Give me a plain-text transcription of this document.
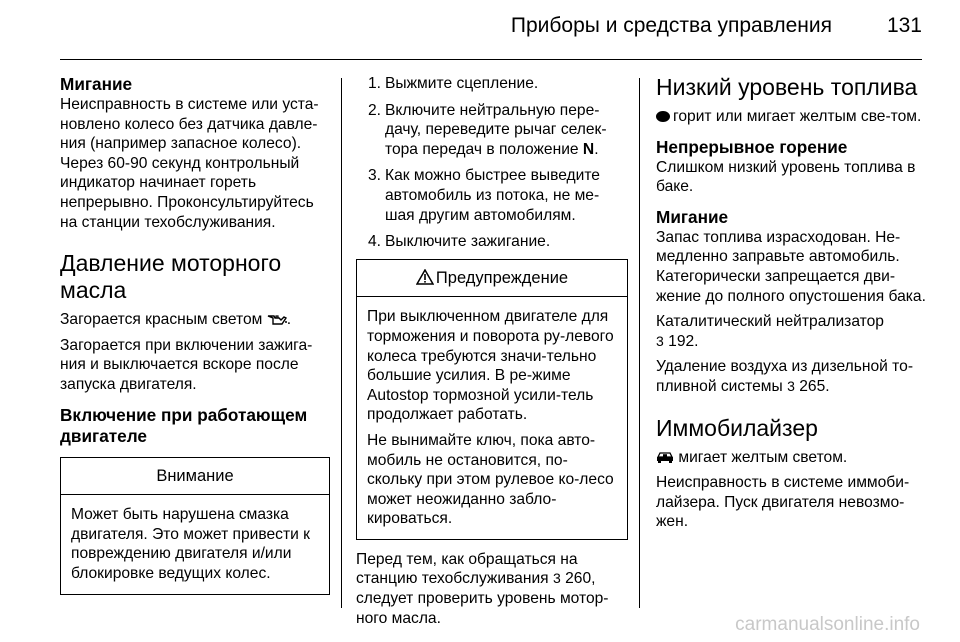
Приборы и средства управления	131
Мигание

Неисправность в системе или уста-новлено колесо без датчика давле-ния (например запасное колесо). Через 60-90 секунд контрольный индикатор начинает гореть непрерывно. Проконсультируйтесь на станции техобслуживания.

Давление моторного масла

Загорается красным светом .

Загорается при включении зажига-ния и выключается вскоре после запуска двигателя.

Включение при работающем двигателе
Внимание
Может быть нарушена смазка двигателя. Это может привести к повреждению двигателя и/или блокировке ведущих колес.
1. Выжмите сцепление.
2. Включите нейтральную пере-дачу, переведите рычаг селек-тора передач в положение N.
3. Как можно быстрее выведите автомобиль из потока, не ме-шая другим автомобилям.
4. Выключите зажигание.
Предупреждение

При выключенном двигателе для торможения и поворота ру-левого колеса требуются значи-тельно большие усилия. В ре-жиме Autostop тормозной усили-тель продолжает работать.

Не вынимайте ключ, пока авто-мобиль не остановится, по-скольку при этом рулевое ко-лесо может неожиданно забло-кироваться.

Перед тем, как обращаться на станцию техобслуживания 3 260, следует проверить уровень мотор-ного масла.

Низкий уровень топлива

горит или мигает желтым све-том.

Непрерывное горение

Слишком низкий уровень топлива в баке.

Мигание

Запас топлива израсходован. Не-медленно заправьте автомобиль. Категорически запрещается дви-жение до полного опустошения бака.

Каталитический нейтрализатор
3 192.

Удаление воздуха из дизельной то-пливной системы 3 265.

Иммобилайзер

мигает желтым светом.

Неисправность в системе иммоби-лайзера. Пуск двигателя невозмо-жен.

carmanualsonline.info
